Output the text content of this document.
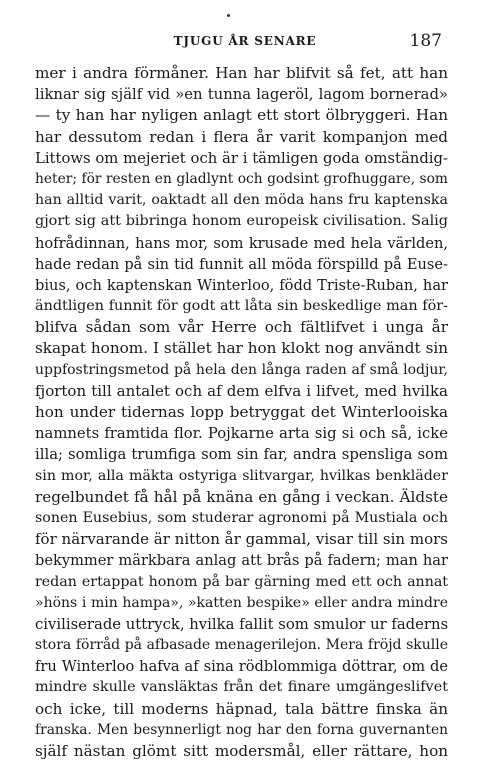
TJUGU ÅR SENARE	187
mer i andra förmåner. Han har blifvit så fet, att han
liknar sig själf vid »en tunna lageröl, lagom bornerad»
— ty han har nyligen anlagt ett stort ölbryggeri. Han
har dessutom redan i flera år varit kompanjon med
Littows om mejeriet och är i tämligen goda omständig-
heter; för resten en gladlynt och godsint grofhuggare, som
han alltid varit, oaktadt all den möda hans fru kaptenska
gjort sig att bibringa honom europeisk civilisation. Salig
hofrådinnan, hans mor, som krusade med hela världen,
hade redan på sin tid funnit all möda förspilld på Euse-
bius, och kaptenskan Winterloo, född Triste-Ruban, har
ändtligen funnit för godt att låta sin beskedlige man för-
blifva sådan som vår Herre och fältlifvet i unga år
skapat honom. I stället har hon klokt nog användt sin
uppfostringsmetod på hela den långa raden af små lodjur,
fjorton till antalet och af dem elfva i lifvet, med hvilka
hon under tidernas lopp betryggat det Winterlooiska
namnets framtida flor. Pojkarne arta sig si och så, icke
illa; somliga trumfiga som sin far, andra spensliga som
sin mor, alla mäkta ostyriga slitvargar, hvilkas benkläder
regelbundet få hål på knäna en gång i veckan. Äldste
sonen Eusebius, som studerar agronomi på Mustiala och
för närvarande är nitton år gammal, visar till sin mors
bekymmer märkbara anlag att brås på fadern; man har
redan ertappat honom på bar gärning med ett och annat
»höns i min hampa», »katten bespike» eller andra mindre
civiliserade uttryck, hvilka fallit som smulor ur faderns
stora förråd på afbasade menagerilejon. Mera fröjd skulle
fru Winterloo hafva af sina rödblommiga döttrar, om de
mindre skulle vansläktas från det finare umgängeslifvet
och icke, till moderns häpnad, tala bättre finska än
franska. Men besynnerligt nog har den forna guvernanten
själf nästan glömt sitt modersmål, eller rättare, hon
